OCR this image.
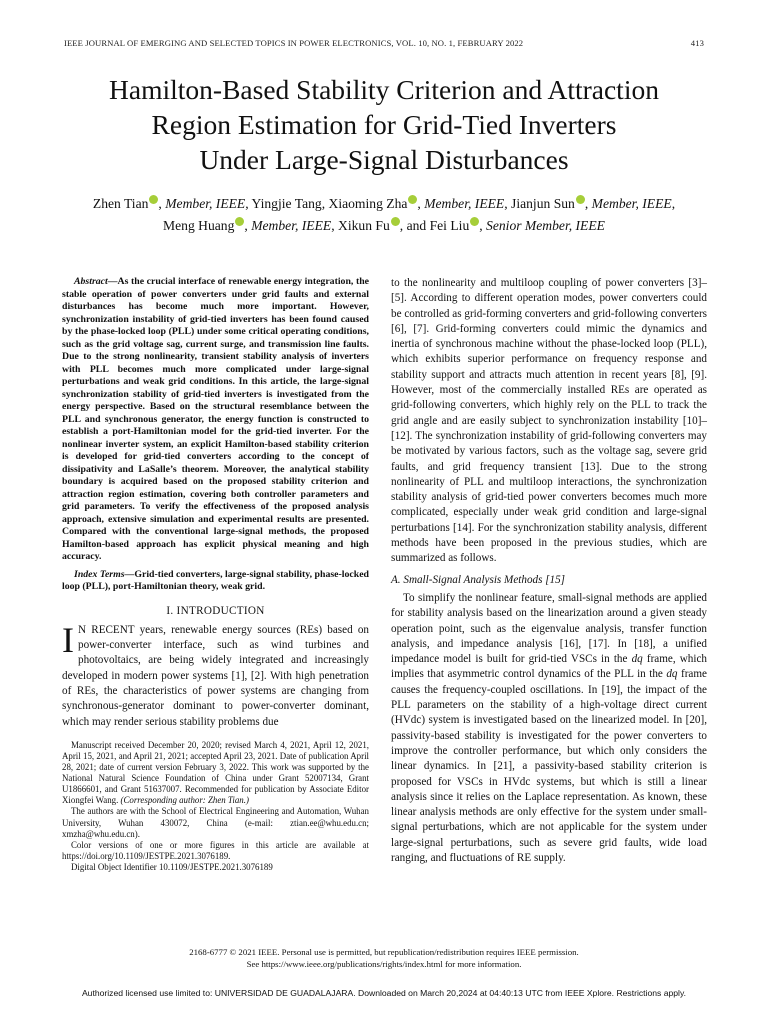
IEEE JOURNAL OF EMERGING AND SELECTED TOPICS IN POWER ELECTRONICS, VOL. 10, NO. 1, FEBRUARY 2022	413
Hamilton-Based Stability Criterion and Attraction
Region Estimation for Grid-Tied Inverters
Under Large-Signal Disturbances
Zhen Tian , Member, IEEE, Yingjie Tang, Xiaoming Zha , Member, IEEE, Jianjun Sun , Member, IEEE,
Meng Huang , Member, IEEE, Xikun Fu , and Fei Liu , Senior Member, IEEE

Abstract—As the crucial interface of renewable energy integration, the stable operation of power converters under grid faults and external disturbances has become much more important. However, synchronization instability of grid-tied inverters has been found caused by the phase-locked loop (PLL) under some critical operating conditions, such as the grid voltage sag, current surge, and transmission line faults. Due to the strong nonlinearity, transient stability analysis of inverters with PLL becomes much more complicated under large-signal perturbations and weak grid conditions. In this article, the large-signal synchronization stability of grid-tied inverters is investigated from the energy perspective. Based on the structural resemblance between the PLL and synchronous generator, the energy function is constructed to establish a port-Hamiltonian model for the grid-tied inverter. For the nonlinear inverter system, an explicit Hamilton-based stability criterion is developed for grid-tied converters according to the concept of dissipativity and LaSalle’s theorem. Moreover, the analytical stability boundary is acquired based on the proposed stability criterion and attraction region estimation, covering both controller parameters and grid parameters. To verify the effectiveness of the proposed analysis approach, extensive simulation and experimental results are presented. Compared with the conventional large-signal methods, the proposed Hamilton-based approach has explicit physical meaning and high accuracy.

Index Terms—Grid-tied converters, large-signal stability, phase-locked loop (PLL), port-Hamiltonian theory, weak grid.

I. INTRODUCTION

I N RECENT years, renewable energy sources (REs) based on power-converter interface, such as wind turbines and photovoltaics, are being widely integrated and increasingly developed in modern power systems [1], [2]. With high penetration of REs, the characteristics of power systems are changing from synchronous-generator dominant to power-converter dominant, which may render serious stability problems due

Manuscript received December 20, 2020; revised March 4, 2021, April 12, 2021, April 15, 2021, and April 21, 2021; accepted April 23, 2021. Date of publication April 28, 2021; date of current version February 3, 2022. This work was supported by the National Natural Science Foundation of China under Grant 52007134, Grant U1866601, and Grant 51637007. Recommended for publication by Associate Editor Xiongfei Wang. (Corresponding author: Zhen Tian.)

The authors are with the School of Electrical Engineering and Automation, Wuhan University, Wuhan 430072, China (e-mail: ztian.ee@whu.edu.cn; xmzha@whu.edu.cn).

Color versions of one or more figures in this article are available at https://doi.org/10.1109/JESTPE.2021.3076189.

Digital Object Identifier 10.1109/JESTPE.2021.3076189

to the nonlinearity and multiloop coupling of power converters [3]–[5]. According to different operation modes, power converters could be controlled as grid-forming converters and grid-following converters [6], [7]. Grid-forming converters could mimic the dynamics and inertia of synchronous machine without the phase-locked loop (PLL), which exhibits superior performance on frequency response and stability support and attracts much attention in recent years [8], [9]. However, most of the commercially installed REs are operated as grid-following converters, which highly rely on the PLL to track the grid angle and are easily subject to synchronization instability [10]–[12]. The synchronization instability of grid-following converters may be motivated by various factors, such as the voltage sag, severe grid faults, and grid frequency transient [13]. Due to the strong nonlinearity of PLL and multiloop interactions, the synchronization stability analysis of grid-tied power converters becomes much more complicated, especially under weak grid condition and large-signal perturbations [14]. For the synchronization stability analysis, different methods have been proposed in the previous studies, which are summarized as follows.

A. Small-Signal Analysis Methods [15]

To simplify the nonlinear feature, small-signal methods are applied for stability analysis based on the linearization around a given steady operation point, such as the eigenvalue analysis, transfer function analysis, and impedance analysis [16], [17]. In [18], a unified impedance model is built for grid-tied VSCs in the dq frame, which implies that asymmetric control dynamics of the PLL in the dq frame causes the frequency-coupled oscillations. In [19], the impact of the PLL parameters on the stability of a high-voltage direct current (HVdc) system is investigated based on the linearized model. In [20], passivity-based stability is investigated for the power converters to improve the controller performance, but which only considers the linear dynamics. In [21], a passivity-based stability criterion is proposed for VSCs in HVdc systems, but which is still a linear analysis since it relies on the Laplace representation. As known, these linear analysis methods are only effective for the system under small-signal perturbations, which are not applicable for the system under large-signal perturbations, such as severe grid faults, wide load ranging, and fluctuations of RE supply.

2168-6777 © 2021 IEEE. Personal use is permitted, but republication/redistribution requires IEEE permission.
See https://www.ieee.org/publications/rights/index.html for more information.
Authorized licensed use limited to: UNIVERSIDAD DE GUADALAJARA. Downloaded on March 20,2024 at 04:40:13 UTC from IEEE Xplore. Restrictions apply.
